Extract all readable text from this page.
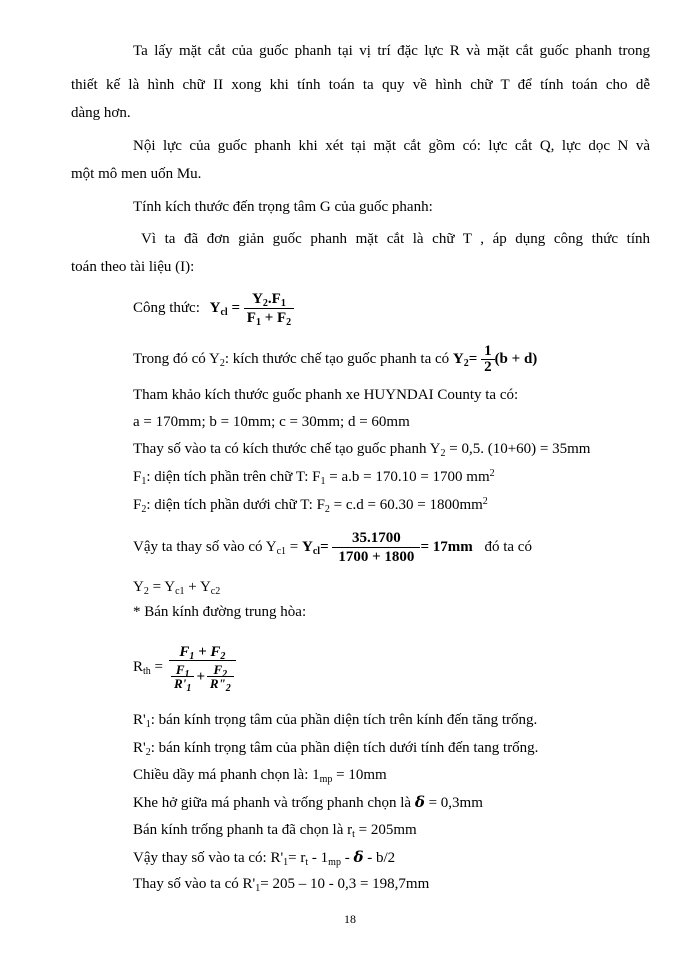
Ta lấy mặt cắt của guốc phanh tại vị trí đặc lực R và mặt cắt guốc phanh trong
thiết kế là hình chữ II xong khi tính toán ta quy về hình chữ T để tính toán cho dễ
dàng hơn.
Nội lực của guốc phanh khi xét tại mặt cắt gồm có: lực cắt Q, lực dọc N và
một mô men uốn Mu.
Tính kích thước đến trọng tâm G của guốc phanh:
Vì ta đã đơn giản guốc phanh mặt cắt là chữ T , áp dụng công thức tính
toán theo tài liệu (I):
Công thức: $Y_{cl} = \frac{Y_2.F_1}{F_1 + F_2}$
Trong đó có $Y_2$: kích thước chế tạo guốc phanh ta có $Y_2= \frac{1}{2} (b + d)$
Tham khảo kích thước guốc phanh xe HUYNDAI County ta có:
a = 170mm; b = 10mm; c = 30mm; d = 60mm
Thay số vào ta có kích thước chế tạo guốc phanh $Y_2 = 0,5$. (10+60) = 35mm
$F_1$: diện tích phần trên chữ T: $F_1 = a.b = 170.10 = 1700$ $mm^2$
$F_2$: diện tích phần dưới chữ T: $F_2 = c.d = 60.30 = 1800mm^2$
Vậy ta thay số vào có $Y_{c1} = Y_{cl}= \frac{35.1700}{1700 + 1800} = 17mm$ đó ta có
$Y_2 = Y_{c1} + Y_{c2}$
* Bán kính đường trung hòa:
$R_{th}$ =
$F_1 + F_2$
$\frac{F_1}{R'_1} + \frac{F_2}{R"_2}$
$R'_1$: bán kính trọng tâm của phần diện tích trên kính đến tăng trống.
$R'_2$: bán kính trọng tâm của phần diện tích dưới tính đến tang trống.
Chiều dầy má phanh chọn là: $1_{mp} = 10mm$
Khe hở giữa má phanh và trống phanh chọn là δ = 0,3mm
Bán kính trống phanh ta đã chọn là $r_t = 205mm$
Vậy thay số vào ta có: $R'_1= r_t - 1_{mp} - \delta - b/2$
Thay số vào ta có $R'_1= 205 - 10 - 0,3 = 198,7mm$
18
